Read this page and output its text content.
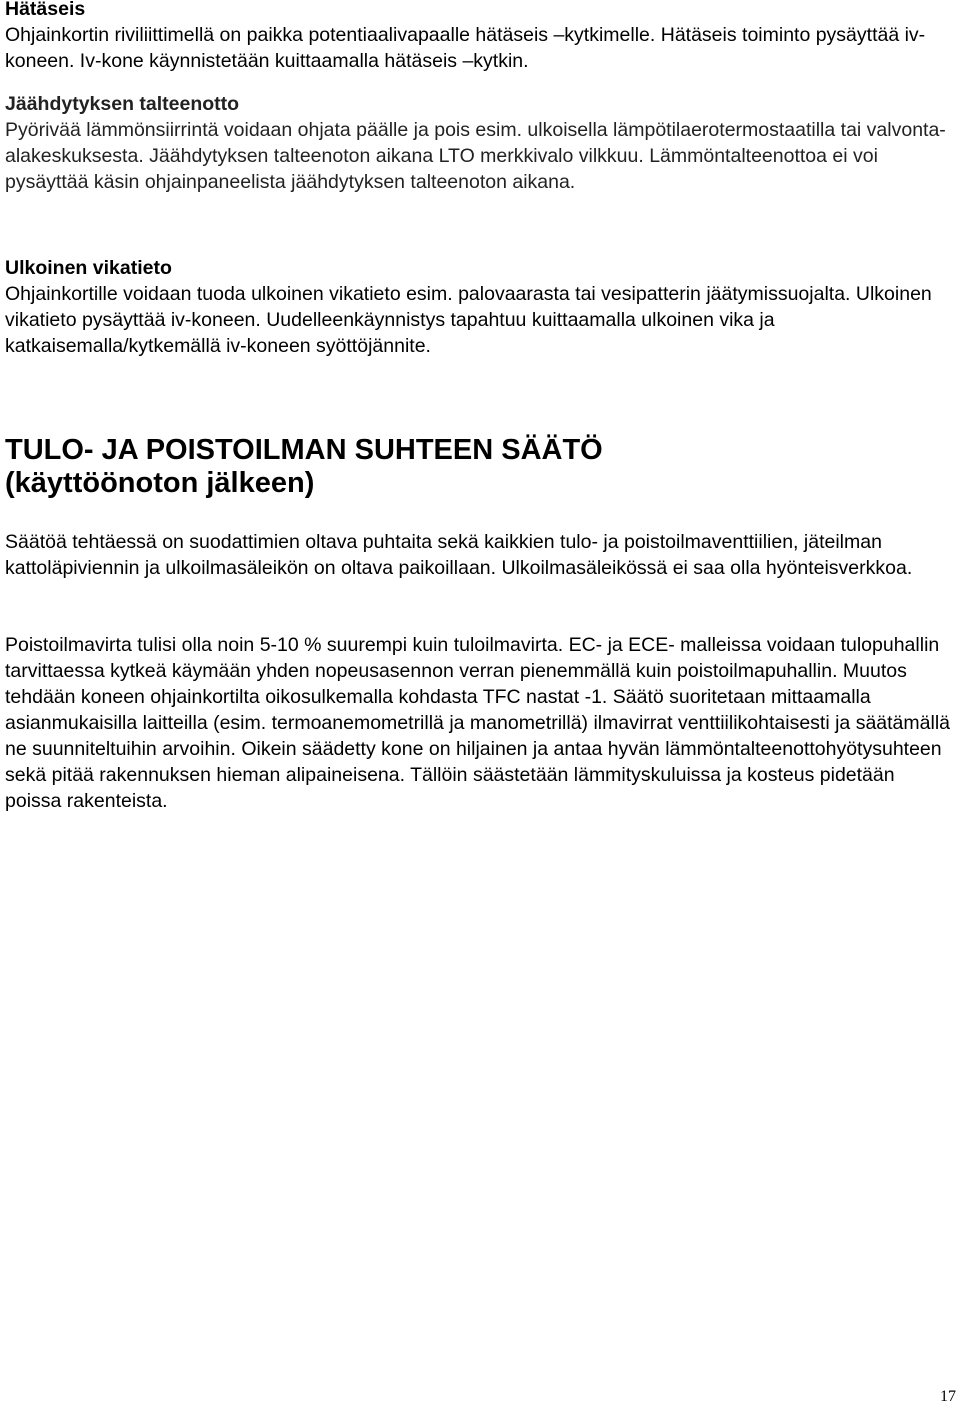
Hätäseis

Ohjainkortin riviliittimellä on paikka potentiaalivapaalle hätäseis –kytkimelle. Hätäseis toiminto pysäyttää iv-koneen. Iv-kone käynnistetään kuittaamalla hätäseis –kytkin.

Jäähdytyksen talteenotto

Pyörivää lämmönsiirrintä voidaan ohjata päälle ja pois esim. ulkoisella lämpötilaerotermostaatilla tai valvonta-alakeskuksesta. Jäähdytyksen talteenoton aikana LTO merkkivalo vilkkuu. Lämmöntalteenottoa ei voi pysäyttää käsin ohjainpaneelista jäähdytyksen talteenoton aikana.

Ulkoinen vikatieto

Ohjainkortille voidaan tuoda ulkoinen vikatieto esim. palovaarasta tai vesipatterin jäätymissuojalta. Ulkoinen vikatieto pysäyttää iv-koneen. Uudelleenkäynnistys tapahtuu kuittaamalla ulkoinen vika ja katkaisemalla/kytkemällä iv-koneen syöttöjännite.

TULO- JA POISTOILMAN SUHTEEN SÄÄTÖ
(käyttöönoton jälkeen)

Säätöä tehtäessä on suodattimien oltava puhtaita sekä kaikkien tulo- ja poistoilmaventtiilien, jäteilman kattoläpiviennin ja ulkoilmasäleikön on oltava paikoillaan. Ulkoilmasäleikössä ei saa olla hyönteisverkkoa.

Poistoilmavirta tulisi olla noin 5-10 % suurempi kuin tuloilmavirta. EC- ja ECE- malleissa voidaan tulopuhallin tarvittaessa kytkeä käymään yhden nopeusasennon verran pienemmällä kuin poistoilmapuhallin. Muutos tehdään koneen ohjainkortilta oikosulkemalla kohdasta TFC nastat -1. Säätö suoritetaan mittaamalla asianmukaisilla laitteilla (esim. termoanemometrillä ja manometrillä) ilmavirrat venttiilikohtaisesti ja säätämällä ne suunniteltuihin arvoihin. Oikein säädetty kone on hiljainen ja antaa hyvän lämmöntalteenottohyötysuhteen sekä pitää rakennuksen hieman alipaineisena. Tällöin säästetään lämmityskuluissa ja kosteus pidetään poissa rakenteista.

17
